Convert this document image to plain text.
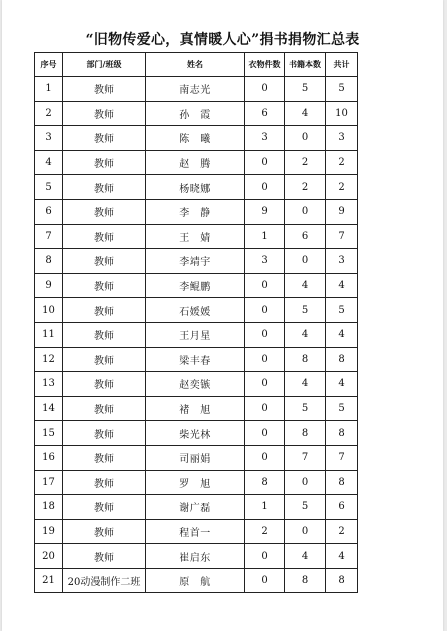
“旧物传爱心，真情暖人心”捐书捐物汇总表
序号	部门/班级	姓名	衣物件数	书籍本数	共计
1	教师	南志光	0	5	5
2	教师	孙　霞	6	4	10
3	教师	陈　曦	3	0	3
4	教师	赵　腾	0	2	2
5	教师	杨晓娜	0	2	2
6	教师	李　静	9	0	9
7	教师	王　婧	1	6	7
8	教师	李靖宇	3	0	3
9	教师	李鲲鹏	0	4	4
10	教师	石媛媛	0	5	5
11	教师	王月星	0	4	4
12	教师	梁丰春	0	8	8
13	教师	赵奕镞	0	4	4
14	教师	褚　旭	0	5	5
15	教师	柴光林	0	8	8
16	教师	司丽娟	0	7	7
17	教师	罗　旭	8	0	8
18	教师	谢广磊	1	5	6
19	教师	程首一	2	0	2
20	教师	崔启东	0	4	4
21	20动漫制作二班	原　航	0	8	8
